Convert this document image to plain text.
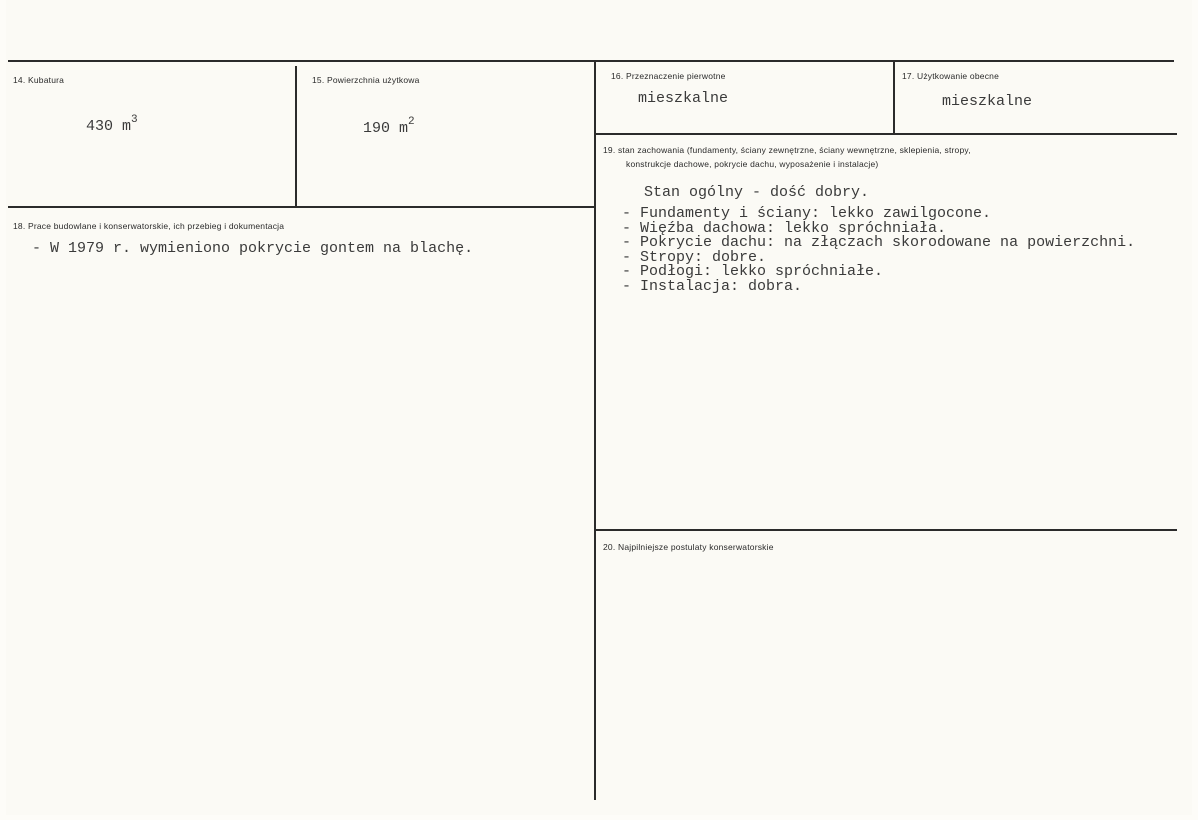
14. Kubatura
430 $m^3$
15. Powierzchnia użytkowa
190 $m^2$
16. Przeznaczenie pierwotne
mieszkalne
17. Użytkowanie obecne
mieszkalne
18. Prace budowlane i konserwatorskie, ich przebieg i dokumentacja
- W 1979 r. wymieniono pokrycie gontem na blachę.
19. stan zachowania (fundamenty, ściany zewnętrzne, ściany wewnętrzne, sklepienia, stropy,
konstrukcje dachowe, pokrycie dachu, wyposażenie i instalacje)
Stan ogólny - dość dobry.
- Fundamenty i ściany: lekko zawilgocone.
- Więźba dachowa: lekko spróchniała.
- Pokrycie dachu: na złączach skorodowane na powierzchni.
- Stropy: dobre.
- Podłogi: lekko spróchniałe.
- Instalacja: dobra.
20. Najpilniejsze postulaty konserwatorskie
